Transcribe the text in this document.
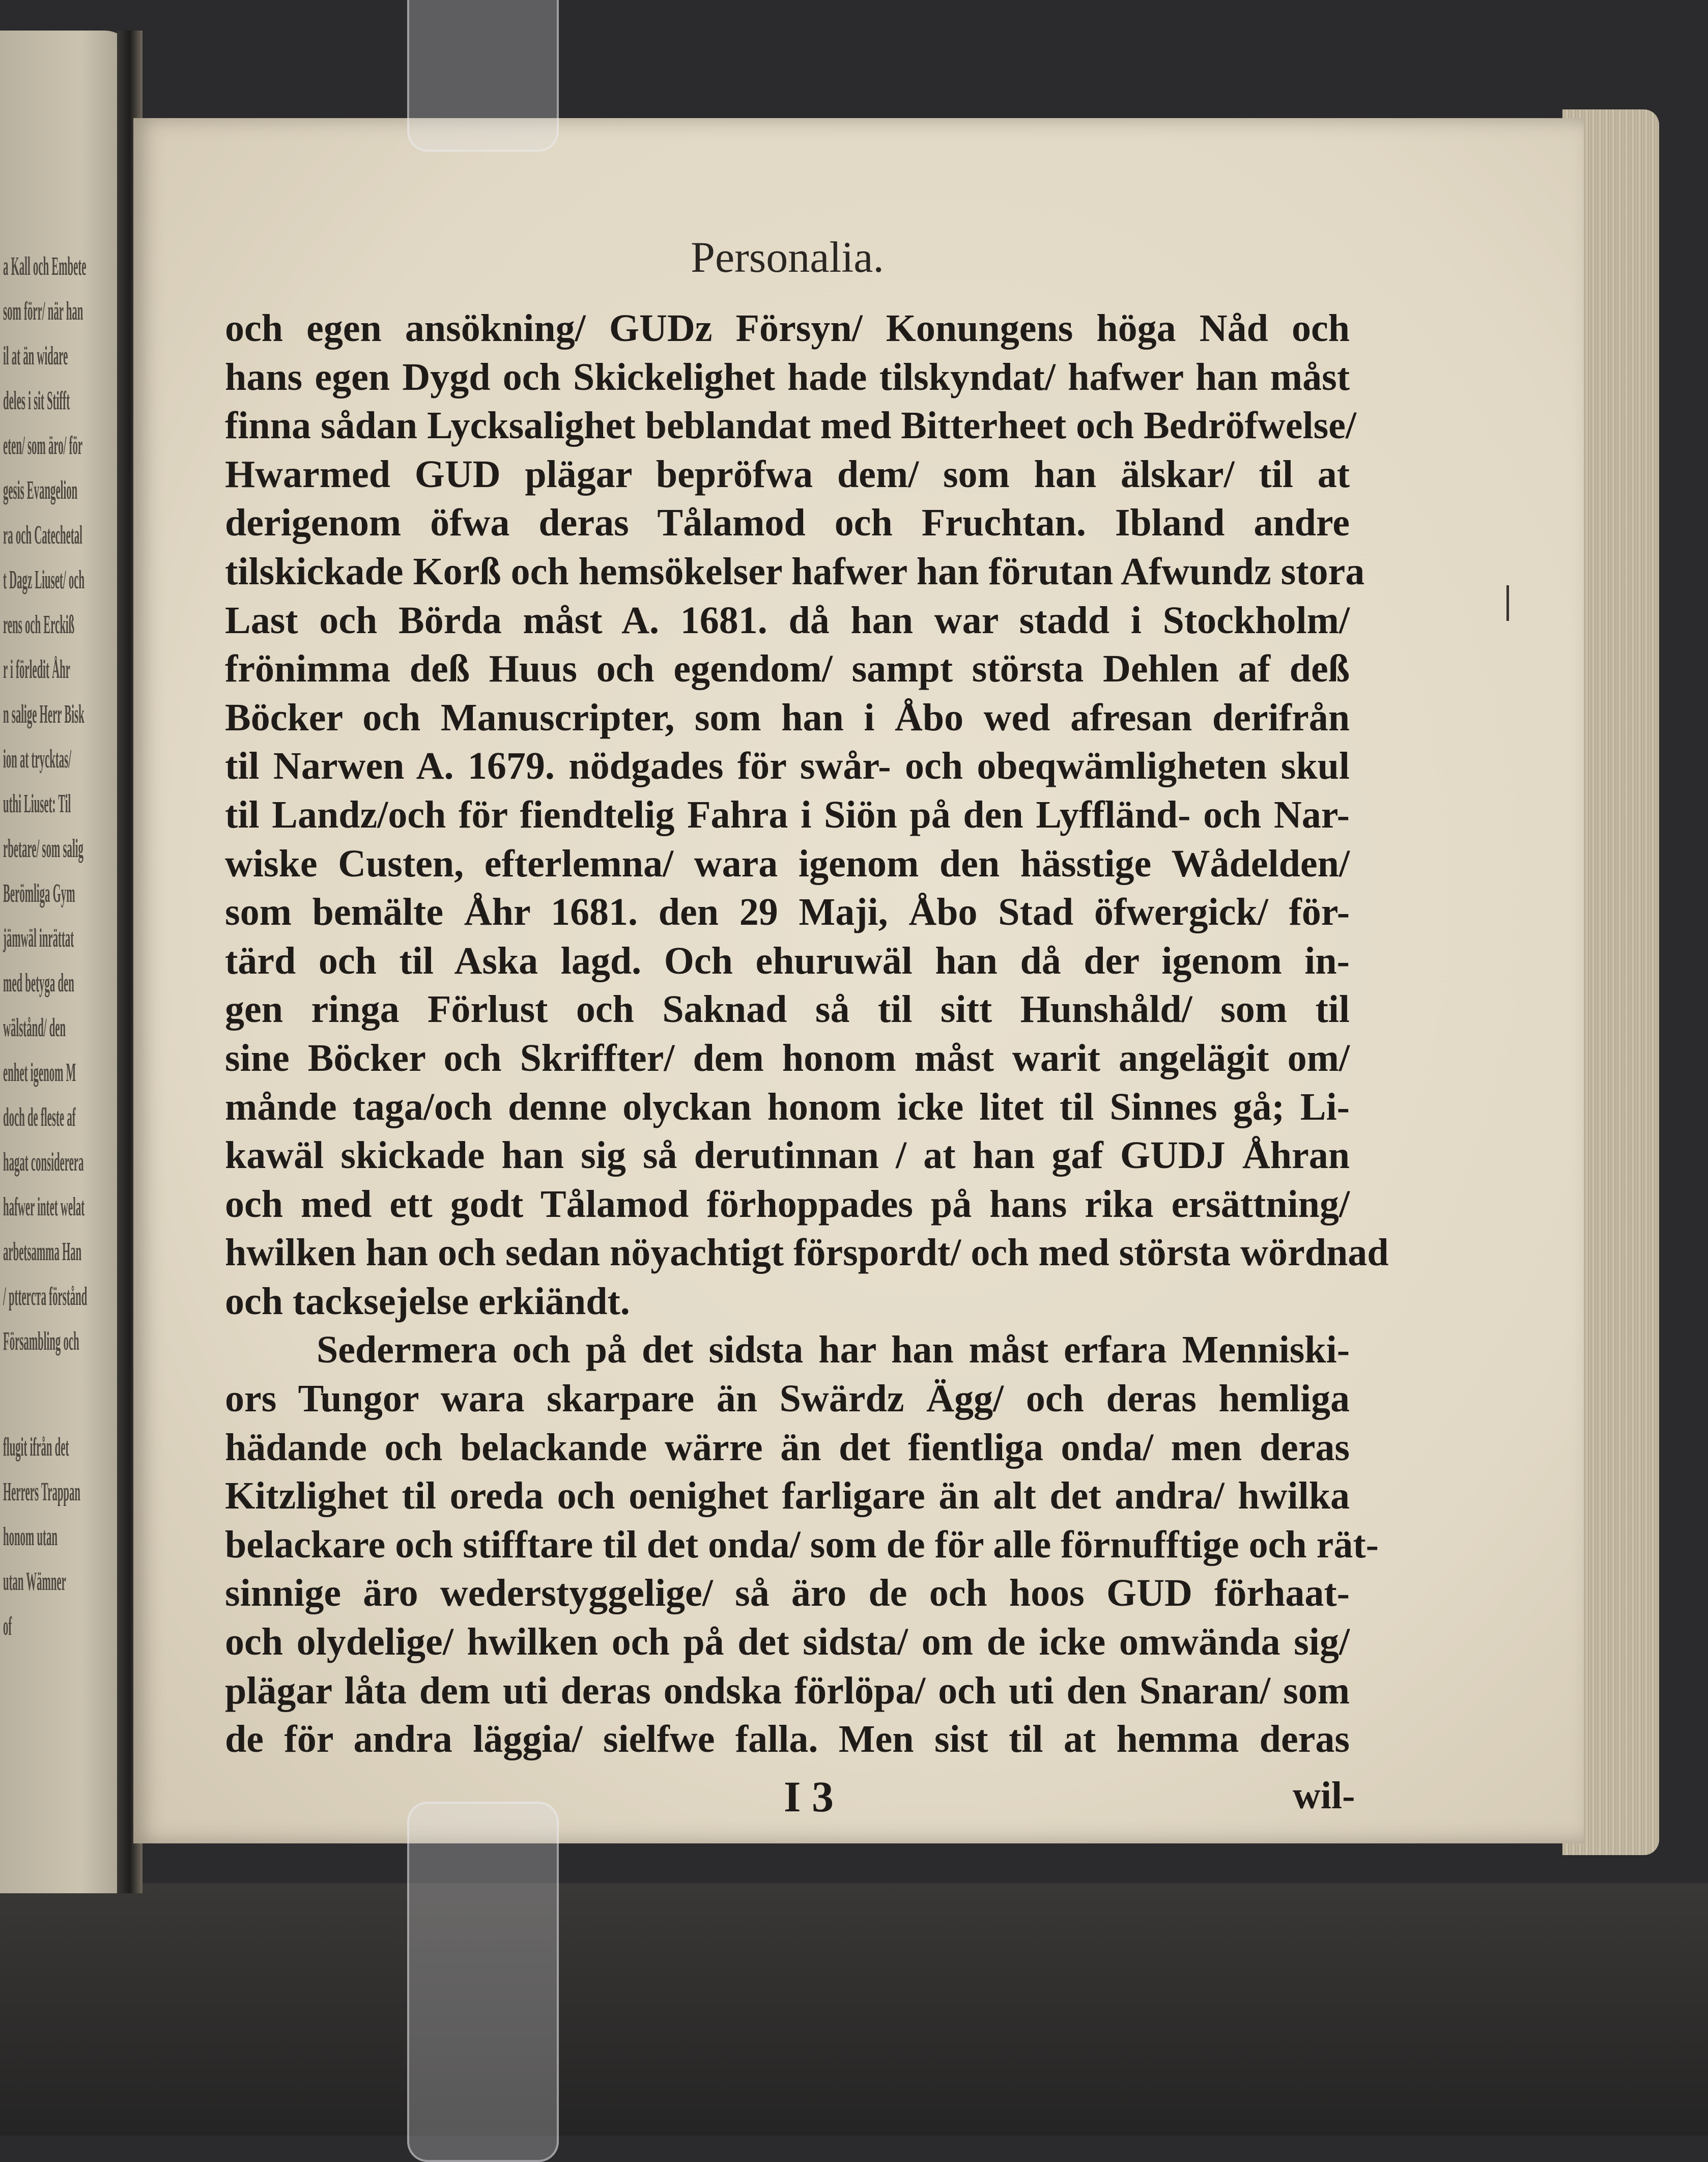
a Kall och Embete
som förr/ när han
il at än widare
deles i sit Stifft
eten/ som äro/ för
gesis Evangelion
ra och Catechetal
t Dagz Liuset/ och
rens och Erckiß
r i förledit Åhr
n salige Herr Bisk
ion at trycktas/
uthi Liuset: Til
rbetare/ som salig
Berömliga Gym
jämwäl inrättat
med betyga den
wälstånd/ den
enhet igenom M
doch de fleste af
hagat considerera
hafwer intet welat
arbetsamma Han
/ ptterста förstånd
Försambling och
flugit ifrån det
Herrers Trappan
honom utan
utan Wämner
of
Personalia.
och egen ansökning/ GUDz Försyn/ Konungens höga Nåd och
hans egen Dygd och Skickelighet hade tilskyndat/ hafwer han måst
finna sådan Lycksalighet beblandat med Bitterheet och Bedröfwelse/
Hwarmed GUD plägar bepröfwa dem/ som han älskar/ til at
derigenom öfwa deras Tålamod och Fruchtan. Ibland andre
tilskickade Korß och hemsökelser hafwer han förutan Afwundz stora
Last och Börda måst A. 1681. då han war stadd i Stockholm/
frönimma deß Huus och egendom/ sampt största Dehlen af deß
Böcker och Manuscripter, som han i Åbo wed afresan derifrån
til Narwen A. 1679. nödgades för swår- och obeqwämligheten skul
til Landz/och för fiendtelig Fahra i Siön på den Lyffländ- och Nar-
wiske Custen, efterlemna/ wara igenom den hässtige Wådelden/
som bemälte Åhr 1681. den 29 Maji, Åbo Stad öfwergick/ för-
tärd och til Aska lagd. Och ehuruwäl han då der igenom in-
gen ringa Förlust och Saknad så til sitt Hunshåld/ som til
sine Böcker och Skriffter/ dem honom måst warit angelägit om/
månde taga/och denne olyckan honom icke litet til Sinnes gå; Li-
kawäl skickade han sig så derutinnan / at han gaf GUDJ Åhran
och med ett godt Tålamod förhoppades på hans rika ersättning/
hwilken han och sedan nöyachtigt förspordt/ och med största wördnad
och tacksejelse erkiändt.
Sedermera och på det sidsta har han måst erfara Menniski-
ors Tungor wara skarpare än Swärdz Ägg/ och deras hemliga
hädande och belackande wärre än det fientliga onda/ men deras
Kitzlighet til oreda och oenighet farligare än alt det andra/ hwilka
belackare och stifftare til det onda/ som de för alle förnufftige och rät-
sinnige äro wederstyggelige/ så äro de och hoos GUD förhaat-
och olydelige/ hwilken och på det sidsta/ om de icke omwända sig/
plägar låta dem uti deras ondska förlöpa/ och uti den Snaran/ som
de för andra läggia/ sielfwe falla. Men sist til at hemma deras
I 3	wil-
